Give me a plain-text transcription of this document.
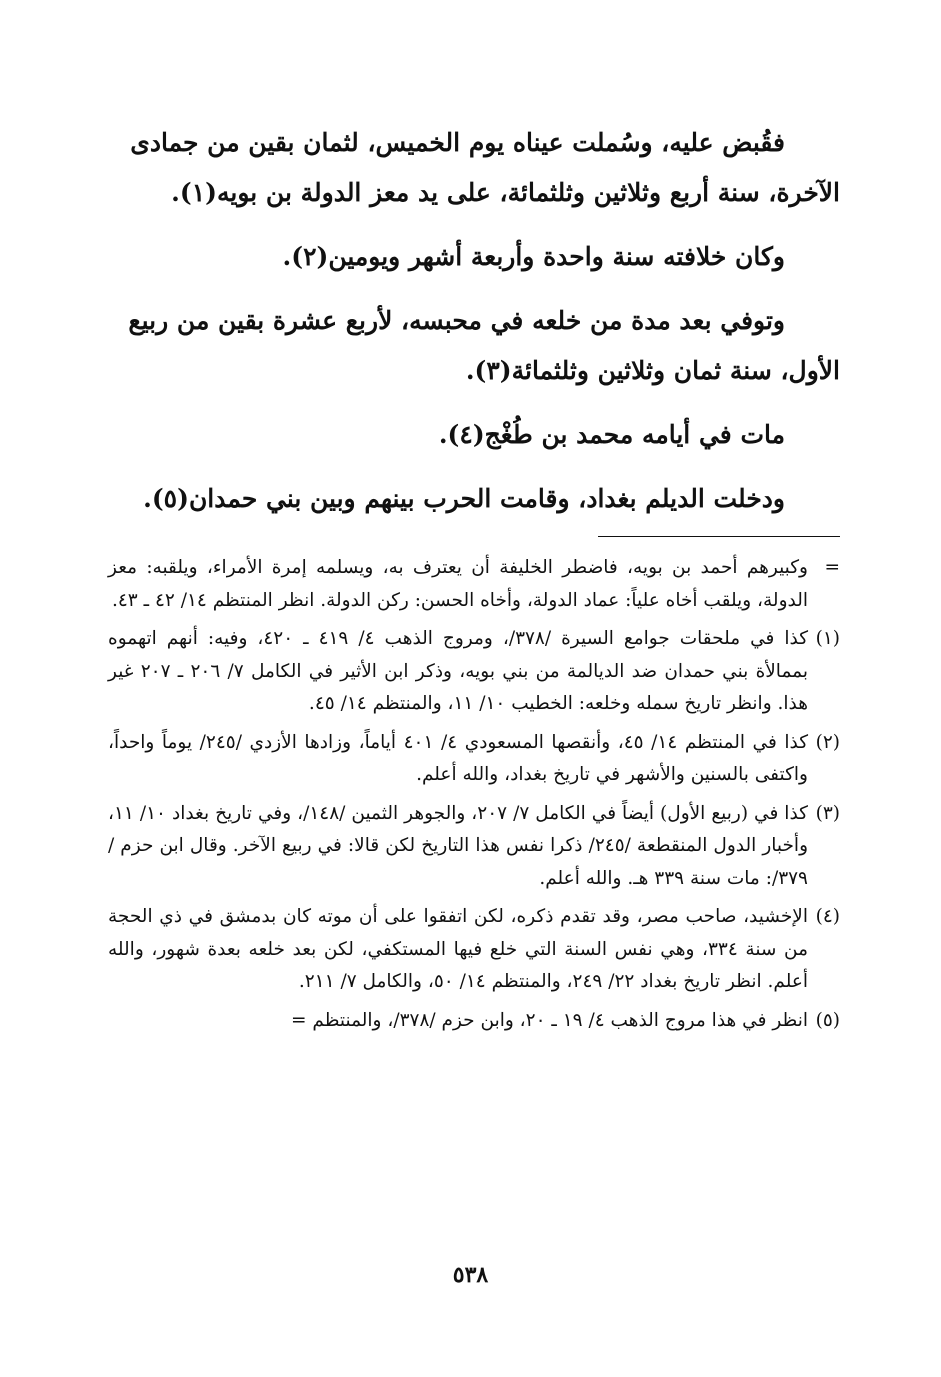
فقُبض عليه، وسُملت عيناه يوم الخميس، لثمان بقين من جمادى الآخرة، سنة أربع وثلاثين وثلثمائة، على يد معز الدولة بن بويه(١).

وكان خلافته سنة واحدة وأربعة أشهر ويومين(٢).

وتوفي بعد مدة من خلعه في محبسه، لأربع عشرة بقين من ربيع الأول، سنة ثمان وثلاثين وثلثمائة(٣).

مات في أيامه محمد بن طُغْج(٤).

ودخلت الديلم بغداد، وقامت الحرب بينهم وبين بني حمدان(٥).

=
وكبيرهم أحمد بن بويه، فاضطر الخليفة أن يعترف به، ويسلمه إمرة الأمراء، ويلقبه: معز الدولة، ويلقب أخاه علياً: عماد الدولة، وأخاه الحسن: ركن الدولة. انظر المنتظم ١٤/ ٤٢ ـ ٤٣.
(١)
كذا في ملحقات جوامع السيرة /٣٧٨/، ومروج الذهب ٤/ ٤١٩ ـ ٤٢٠، وفيه: أنهم اتهموه بممالأة بني حمدان ضد الديالمة من بني بويه، وذكر ابن الأثير في الكامل ٧/ ٢٠٦ ـ ٢٠٧ غير هذا. وانظر تاريخ سمله وخلعه: الخطيب ١٠/ ١١، والمنتظم ١٤/ ٤٥.
(٢)
كذا في المنتظم ١٤/ ٤٥، وأنقصها المسعودي ٤/ ٤٠١ أياماً، وزادها الأزدي /٢٤٥/ يوماً واحداً، واكتفى بالسنين والأشهر في تاريخ بغداد، والله أعلم.
(٣)
كذا في (ربيع الأول) أيضاً في الكامل ٧/ ٢٠٧، والجوهر الثمين /١٤٨/، وفي تاريخ بغداد ١٠/ ١١، وأخبار الدول المنقطعة /٢٤٥/ ذكرا نفس هذا التاريخ لكن قالا: في ربيع الآخر. وقال ابن حزم /٣٧٩/: مات سنة ٣٣٩ هـ. والله أعلم.
(٤)
الإخشيد، صاحب مصر، وقد تقدم ذكره، لكن اتفقوا على أن موته كان بدمشق في ذي الحجة من سنة ٣٣٤، وهي نفس السنة التي خلع فيها المستكفي، لكن بعد خلعه بعدة شهور، والله أعلم. انظر تاريخ بغداد ٢٢/ ٢٤٩، والمنتظم ١٤/ ٥٠، والكامل ٧/ ٢١١.
(٥)
انظر في هذا مروج الذهب ٤/ ١٩ ـ ٢٠، وابن حزم /٣٧٨/، والمنتظم =
٥٣٨
